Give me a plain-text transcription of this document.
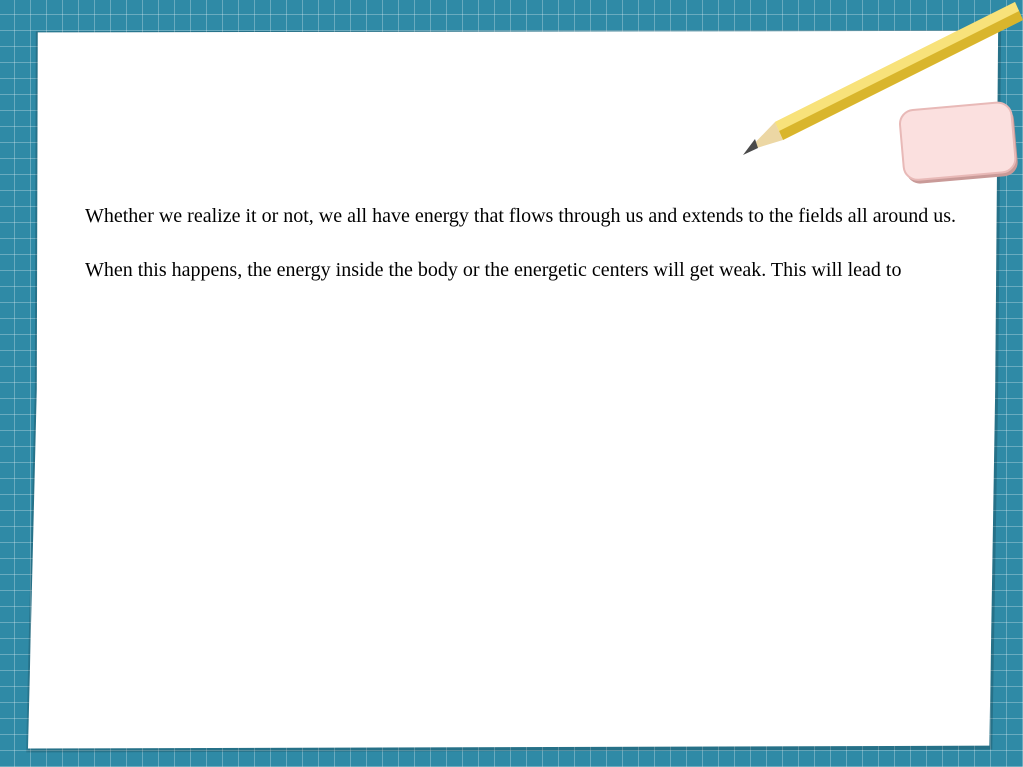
Whether we realize it or not, we all have energy that flows through us and extends to the fields all around us.

When this happens, the energy inside the body or the energetic centers will get weak. This will lead to
